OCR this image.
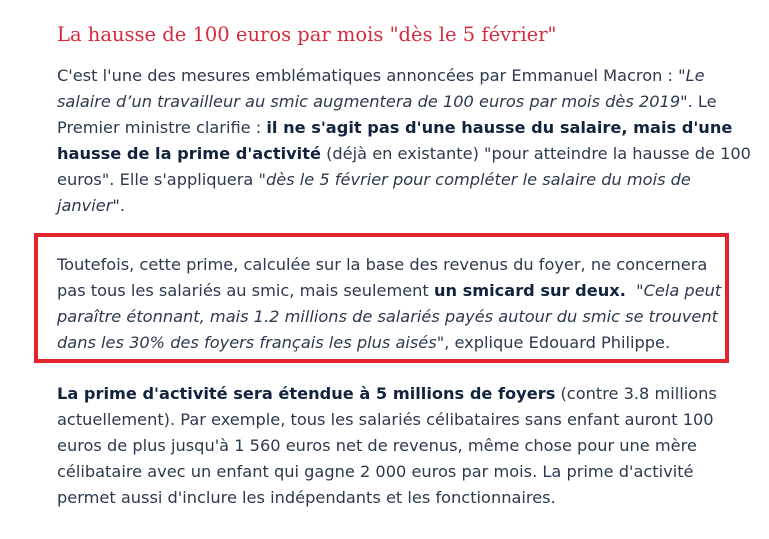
La hausse de 100 euros par mois "dès le 5 février"
C'est l'une des mesures emblématiques annoncées par Emmanuel Macron : "Le
salaire d’un travailleur au smic augmentera de 100 euros par mois dès 2019". Le
Premier ministre clarifie : il ne s'agit pas d'une hausse du salaire, mais d'une
hausse de la prime d'activité (déjà en existante) "pour atteindre la hausse de 100
euros". Elle s'appliquera "dès le 5 février pour compléter le salaire du mois de
janvier".
Toutefois, cette prime, calculée sur la base des revenus du foyer, ne concernera
pas tous les salariés au smic, mais seulement un smicard sur deux. "Cela peut
paraître étonnant, mais 1.2 millions de salariés payés autour du smic se trouvent
dans les 30% des foyers français les plus aisés", explique Edouard Philippe.
La prime d'activité sera étendue à 5 millions de foyers (contre 3.8 millions
actuellement). Par exemple, tous les salariés célibataires sans enfant auront 100
euros de plus jusqu'à 1 560 euros net de revenus, même chose pour une mère
célibataire avec un enfant qui gagne 2 000 euros par mois. La prime d'activité
permet aussi d'inclure les indépendants et les fonctionnaires.
